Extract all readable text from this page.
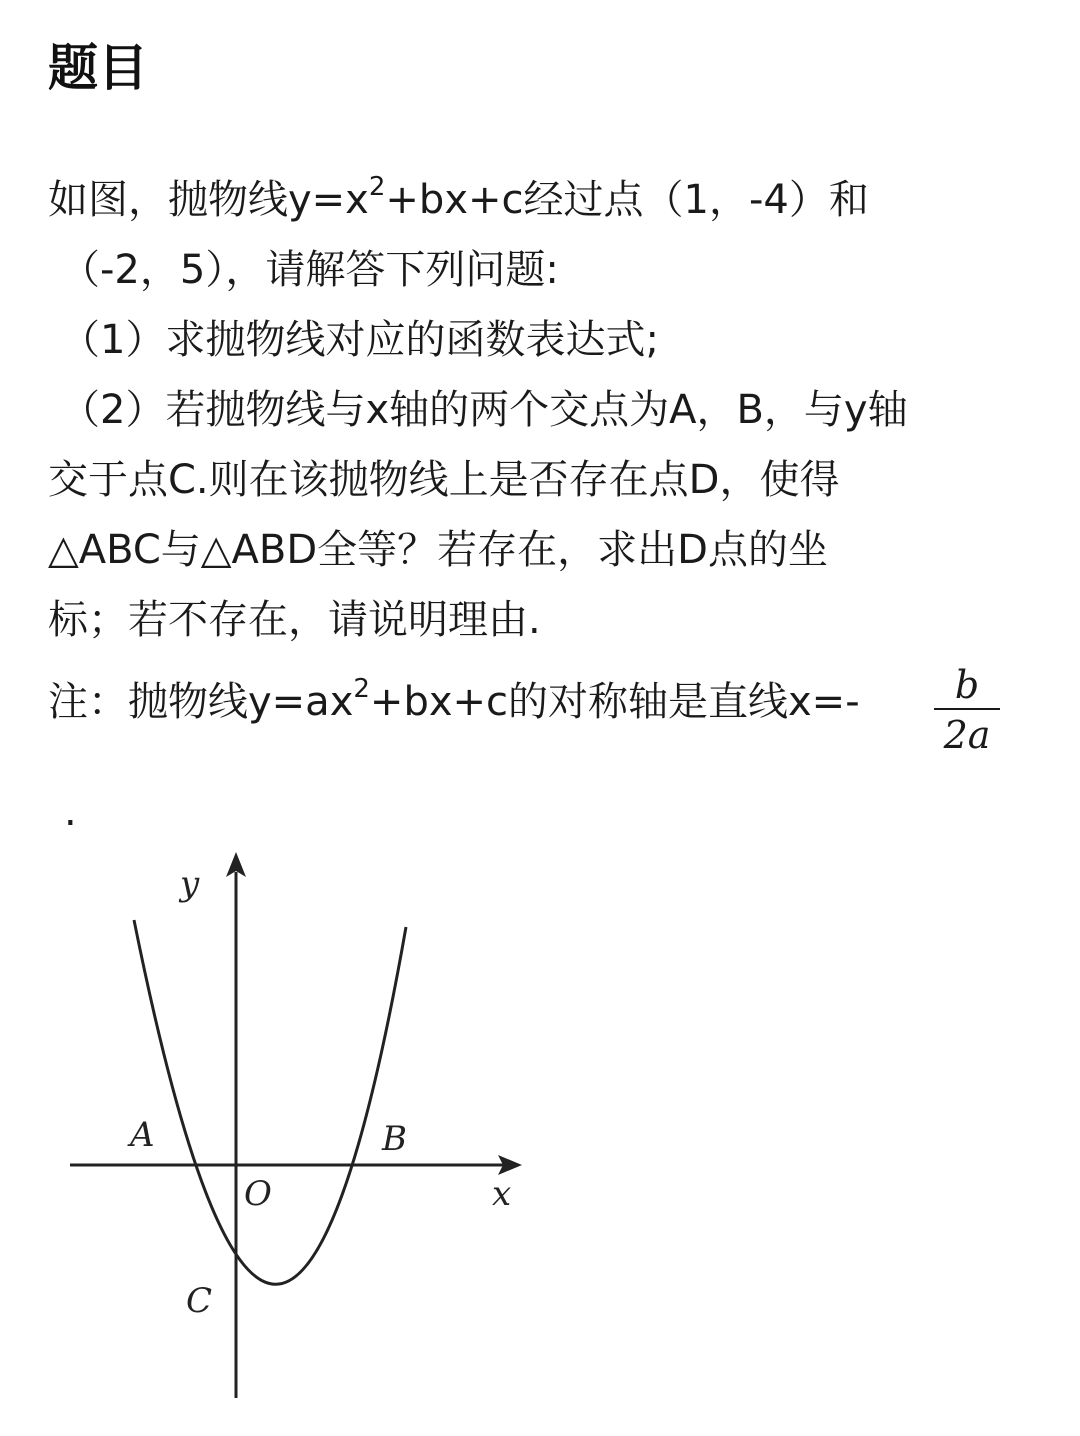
题目
如图，抛物线$y=x^2+bx+c$经过点（1，-4）和
（-2，5），请解答下列问题:
（1）求抛物线对应的函数表达式;
（2）若抛物线与x轴的两个交点为A，B，与y轴
交于点C.则在该抛物线上是否存在点D，使得
△ABC与△ABD全等？若存在，求出D点的坐
标；若不存在，请说明理由.
注：抛物线$y=ax^2+bx+c$的对称轴是直线x=-	b
2a
.
y
x
O
A	B
C
